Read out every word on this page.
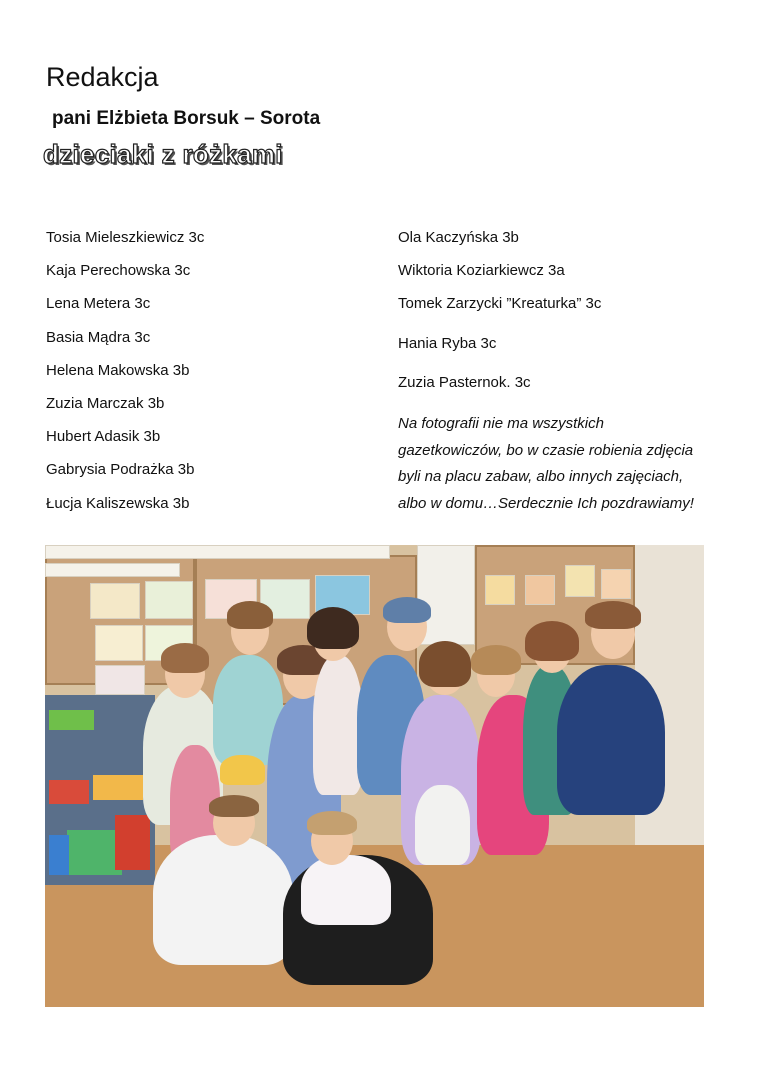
Redakcja
pani Elżbieta Borsuk – Sorota
dzieciaki z różkami
Tosia Mieleszkiewicz 3c
Kaja Perechowska 3c
Lena Metera 3c
Basia Mądra 3c
Helena Makowska 3b
Zuzia Marczak 3b
Hubert Adasik 3b
Gabrysia Podrażka 3b
Łucja Kaliszewska 3b
Ola Kaczyńska 3b
Wiktoria Koziarkiewcz 3a
Tomek Zarzycki ”Kreaturka” 3c
Hania Ryba 3c
Zuzia Pasternok. 3c
Na fotografii nie ma wszystkich
gazetkowiczów, bo w czasie robienia zdjęcia
byli na placu zabaw, albo innych zajęciach,
albo w domu…Serdecznie Ich pozdrawiamy!
